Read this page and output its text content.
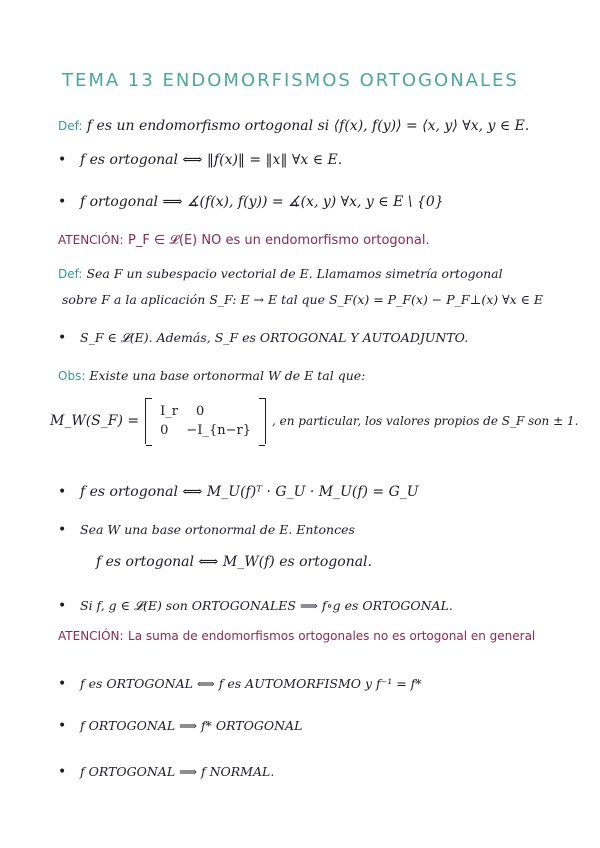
TEMA 13 ENDOMORFISMOS ORTOGONALES
Def: f es un endomorfismo ortogonal si ⟨f(x), f(y)⟩ = ⟨x, y⟩ ∀x, y ∈ E.
• f es ortogonal ⟺ ‖f(x)‖ = ‖x‖ ∀x ∈ E.
• f ortogonal ⟹ ∡(f(x), f(y)) = ∡(x, y) ∀x, y ∈ E \ {0}
ATENCIÓN: P_F ∈ 𝓛(E) NO es un endomorfismo ortogonal.
Def: Sea F un subespacio vectorial de E. Llamamos simetría ortogonal
sobre F a la aplicación S_F: E → E tal que S_F(x) = P_F(x) − P_F⊥(x) ∀x ∈ E
• S_F ∈ 𝓛(E). Además, S_F es ORTOGONAL Y AUTOADJUNTO.
Obs: Existe una base ortonormal W de E tal que:
M_W(S_F) =
I_r 0
0 −I_{n−r}
, en particular, los valores propios de S_F son ± 1.
• f es ortogonal ⟺ M_U(f)ᵀ · G_U · M_U(f) = G_U
• Sea W una base ortonormal de E. Entonces
f es ortogonal ⟺ M_W(f) es ortogonal.
• Si f, g ∈ 𝓛(E) son ORTOGONALES ⟹ f∘g es ORTOGONAL.
ATENCIÓN: La suma de endomorfismos ortogonales no es ortogonal en general
• f es ORTOGONAL ⟺ f es AUTOMORFISMO y f⁻¹ = f*
• f ORTOGONAL ⟹ f* ORTOGONAL
• f ORTOGONAL ⟹ f NORMAL.
